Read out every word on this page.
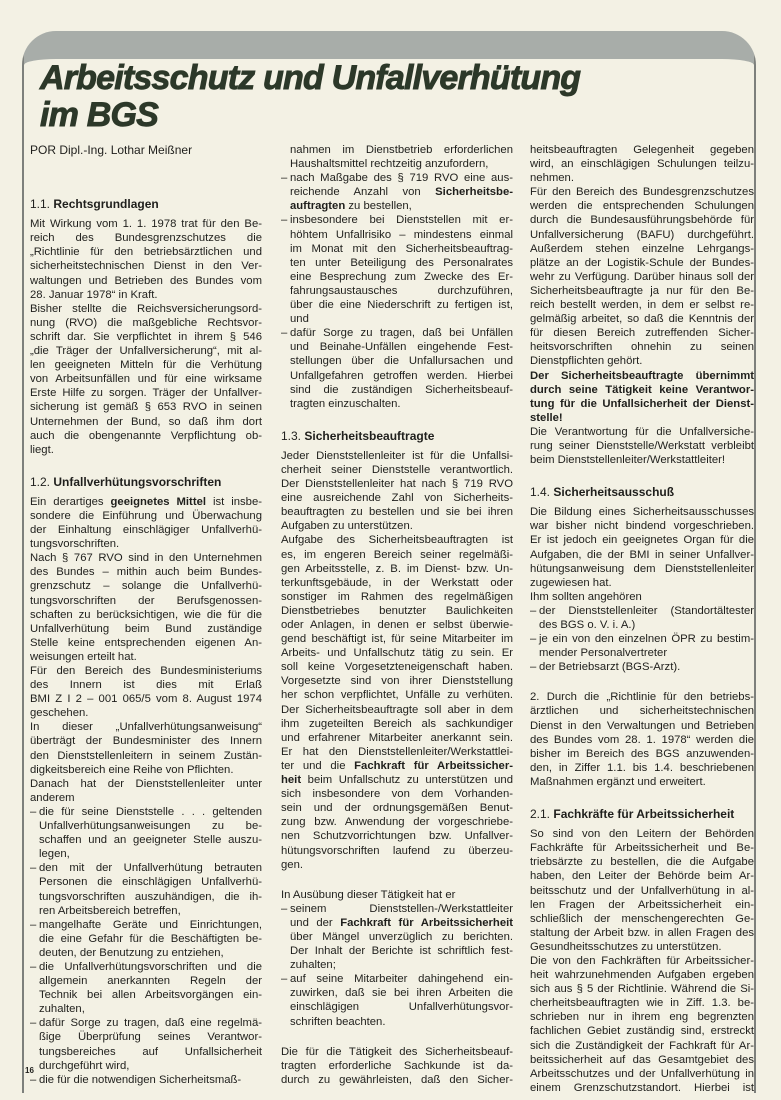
Arbeitsschutz und Unfallverhütung
im BGS
POR Dipl.-Ing. Lothar Meißner
1.1. Rechtsgrundlagen
Mit Wirkung vom 1. 1. 1978 trat für den Be-
reich des Bundesgrenzschutzes die
„Richtlinie für den betriebsärztlichen und
sicherheitstechnischen Dienst in den Ver-
waltungen und Betrieben des Bundes vom
28. Januar 1978“ in Kraft.
Bisher stellte die Reichsversicherungsord-
nung (RVO) die maßgebliche Rechtsvor-
schrift dar. Sie verpflichtet in ihrem § 546
„die Träger der Unfallversicherung“, mit al-
len geeigneten Mitteln für die Verhütung
von Arbeitsunfällen und für eine wirksame
Erste Hilfe zu sorgen. Träger der Unfallver-
sicherung ist gemäß § 653 RVO in seinen
Unternehmen der Bund, so daß ihm dort
auch die obengenannte Verpflichtung ob-
liegt.
1.2. Unfallverhütungsvorschriften
Ein derartiges geeignetes Mittel ist insbe-
sondere die Einführung und Überwachung
der Einhaltung einschlägiger Unfallverhü-
tungsvorschriften.
Nach § 767 RVO sind in den Unternehmen
des Bundes – mithin auch beim Bundes-
grenzschutz – solange die Unfallverhü-
tungsvorschriften der Berufsgenossen-
schaften zu berücksichtigen, wie die für die
Unfallverhütung beim Bund zuständige
Stelle keine entsprechenden eigenen An-
weisungen erteilt hat.
Für den Bereich des Bundesministeriums
des Innern ist dies mit Erlaß
BMI Z I 2 – 001 065/5 vom 8. August 1974
geschehen.
In dieser „Unfallverhütungsanweisung“
überträgt der Bundesminister des Innern
den Dienststellenleitern in seinem Zustän-
digkeitsbereich eine Reihe von Pflichten.
Danach hat der Dienststellenleiter unter
anderem
– die für seine Dienststelle . . . geltenden
Unfallverhütungsanweisungen zu be-
schaffen und an geeigneter Stelle auszu-
legen,
– den mit der Unfallverhütung betrauten
Personen die einschlägigen Unfallverhü-
tungsvorschriften auszuhändigen, die ih-
ren Arbeitsbereich betreffen,
– mangelhafte Geräte und Einrichtungen,
die eine Gefahr für die Beschäftigten be-
deuten, der Benutzung zu entziehen,
– die Unfallverhütungsvorschriften und die
allgemein anerkannten Regeln der
Technik bei allen Arbeitsvorgängen ein-
zuhalten,
– dafür Sorge zu tragen, daß eine regelmä-
ßige Überprüfung seines Verantwor-
tungsbereiches auf Unfallsicherheit
durchgeführt wird,
– die für die notwendigen Sicherheitsmaß-
nahmen im Dienstbetrieb erforderlichen
Haushaltsmittel rechtzeitig anzufordern,
– nach Maßgabe des § 719 RVO eine aus-
reichende Anzahl von Sicherheitsbe-
auftragten zu bestellen,
– insbesondere bei Dienststellen mit er-
höhtem Unfallrisiko – mindestens einmal
im Monat mit den Sicherheitsbeauftrag-
ten unter Beteiligung des Personalrates
eine Besprechung zum Zwecke des Er-
fahrungsaustausches durchzuführen,
über die eine Niederschrift zu fertigen ist,
und
– dafür Sorge zu tragen, daß bei Unfällen
und Beinahe-Unfällen eingehende Fest-
stellungen über die Unfallursachen und
Unfallgefahren getroffen werden. Hierbei
sind die zuständigen Sicherheitsbeauf-
tragten einzuschalten.
1.3. Sicherheitsbeauftragte
Jeder Dienststellenleiter ist für die Unfallsi-
cherheit seiner Dienststelle verantwortlich.
Der Dienststellenleiter hat nach § 719 RVO
eine ausreichende Zahl von Sicherheits-
beauftragten zu bestellen und sie bei ihren
Aufgaben zu unterstützen.
Aufgabe des Sicherheitsbeauftragten ist
es, im engeren Bereich seiner regelmäßi-
gen Arbeitsstelle, z. B. im Dienst- bzw. Un-
terkunftsgebäude, in der Werkstatt oder
sonstiger im Rahmen des regelmäßigen
Dienstbetriebes benutzter Baulichkeiten
oder Anlagen, in denen er selbst überwie-
gend beschäftigt ist, für seine Mitarbeiter im
Arbeits- und Unfallschutz tätig zu sein. Er
soll keine Vorgesetzteneigenschaft haben.
Vorgesetzte sind von ihrer Dienststellung
her schon verpflichtet, Unfälle zu verhüten.
Der Sicherheitsbeauftragte soll aber in dem
ihm zugeteilten Bereich als sachkundiger
und erfahrener Mitarbeiter anerkannt sein.
Er hat den Dienststellenleiter/Werkstattlei-
ter und die Fachkraft für Arbeitssicher-
heit beim Unfallschutz zu unterstützen und
sich insbesondere von dem Vorhanden-
sein und der ordnungsgemäßen Benut-
zung bzw. Anwendung der vorgeschriebe-
nen Schutzvorrichtungen bzw. Unfallver-
hütungsvorschriften laufend zu überzeu-
gen.
In Ausübung dieser Tätigkeit hat er
– seinem Dienststellen-/Werkstattleiter
und der Fachkraft für Arbeitssicherheit
über Mängel unverzüglich zu berichten.
Der Inhalt der Berichte ist schriftlich fest-
zuhalten;
– auf seine Mitarbeiter dahingehend ein-
zuwirken, daß sie bei ihren Arbeiten die
einschlägigen Unfallverhütungsvor-
schriften beachten.
Die für die Tätigkeit des Sicherheitsbeauf-
tragten erforderliche Sachkunde ist da-
durch zu gewährleisten, daß den Sicher-
heitsbeauftragten Gelegenheit gegeben
wird, an einschlägigen Schulungen teilzu-
nehmen.
Für den Bereich des Bundesgrenzschutzes
werden die entsprechenden Schulungen
durch die Bundesausführungsbehörde für
Unfallversicherung (BAFU) durchgeführt.
Außerdem stehen einzelne Lehrgangs-
plätze an der Logistik-Schule der Bundes-
wehr zu Verfügung. Darüber hinaus soll der
Sicherheitsbeauftragte ja nur für den Be-
reich bestellt werden, in dem er selbst re-
gelmäßig arbeitet, so daß die Kenntnis der
für diesen Bereich zutreffenden Sicher-
heitsvorschriften ohnehin zu seinen
Dienstpflichten gehört.
Der Sicherheitsbeauftragte übernimmt
durch seine Tätigkeit keine Verantwor-
tung für die Unfallsicherheit der Dienst-
stelle!
Die Verantwortung für die Unfallversiche-
rung seiner Dienststelle/Werkstatt verbleibt
beim Dienststellenleiter/Werkstattleiter!
1.4. Sicherheitsausschuß
Die Bildung eines Sicherheitsausschusses
war bisher nicht bindend vorgeschrieben.
Er ist jedoch ein geeignetes Organ für die
Aufgaben, die der BMI in seiner Unfallver-
hütungsanweisung dem Dienststellenleiter
zugewiesen hat.
Ihm sollten angehören
– der Dienststellenleiter (Standortältester
des BGS o. V. i. A.)
– je ein von den einzelnen ÖPR zu bestim-
mender Personalvertreter
– der Betriebsarzt (BGS-Arzt).
2. Durch die „Richtlinie für den betriebs-
ärztlichen und sicherheitstechnischen
Dienst in den Verwaltungen und Betrieben
des Bundes vom 28. 1. 1978“ werden die
bisher im Bereich des BGS anzuwenden-
den, in Ziffer 1.1. bis 1.4. beschriebenen
Maßnahmen ergänzt und erweitert.
2.1. Fachkräfte für Arbeitssicherheit
So sind von den Leitern der Behörden
Fachkräfte für Arbeitssicherheit und Be-
triebsärzte zu bestellen, die die Aufgabe
haben, den Leiter der Behörde beim Ar-
beitsschutz und der Unfallverhütung in al-
len Fragen der Arbeitssicherheit ein-
schließlich der menschengerechten Ge-
staltung der Arbeit bzw. in allen Fragen des
Gesundheitsschutzes zu unterstützen.
Die von den Fachkräften für Arbeitssicher-
heit wahrzunehmenden Aufgaben ergeben
sich aus § 5 der Richtlinie. Während die Si-
cherheitsbeauftragten wie in Ziff. 1.3. be-
schrieben nur in ihrem eng begrenzten
fachlichen Gebiet zuständig sind, erstreckt
sich die Zuständigkeit der Fachkraft für Ar-
beitssicherheit auf das Gesamtgebiet des
Arbeitsschutzes und der Unfallverhütung in
einem Grenzschutzstandort. Hierbei ist
16
